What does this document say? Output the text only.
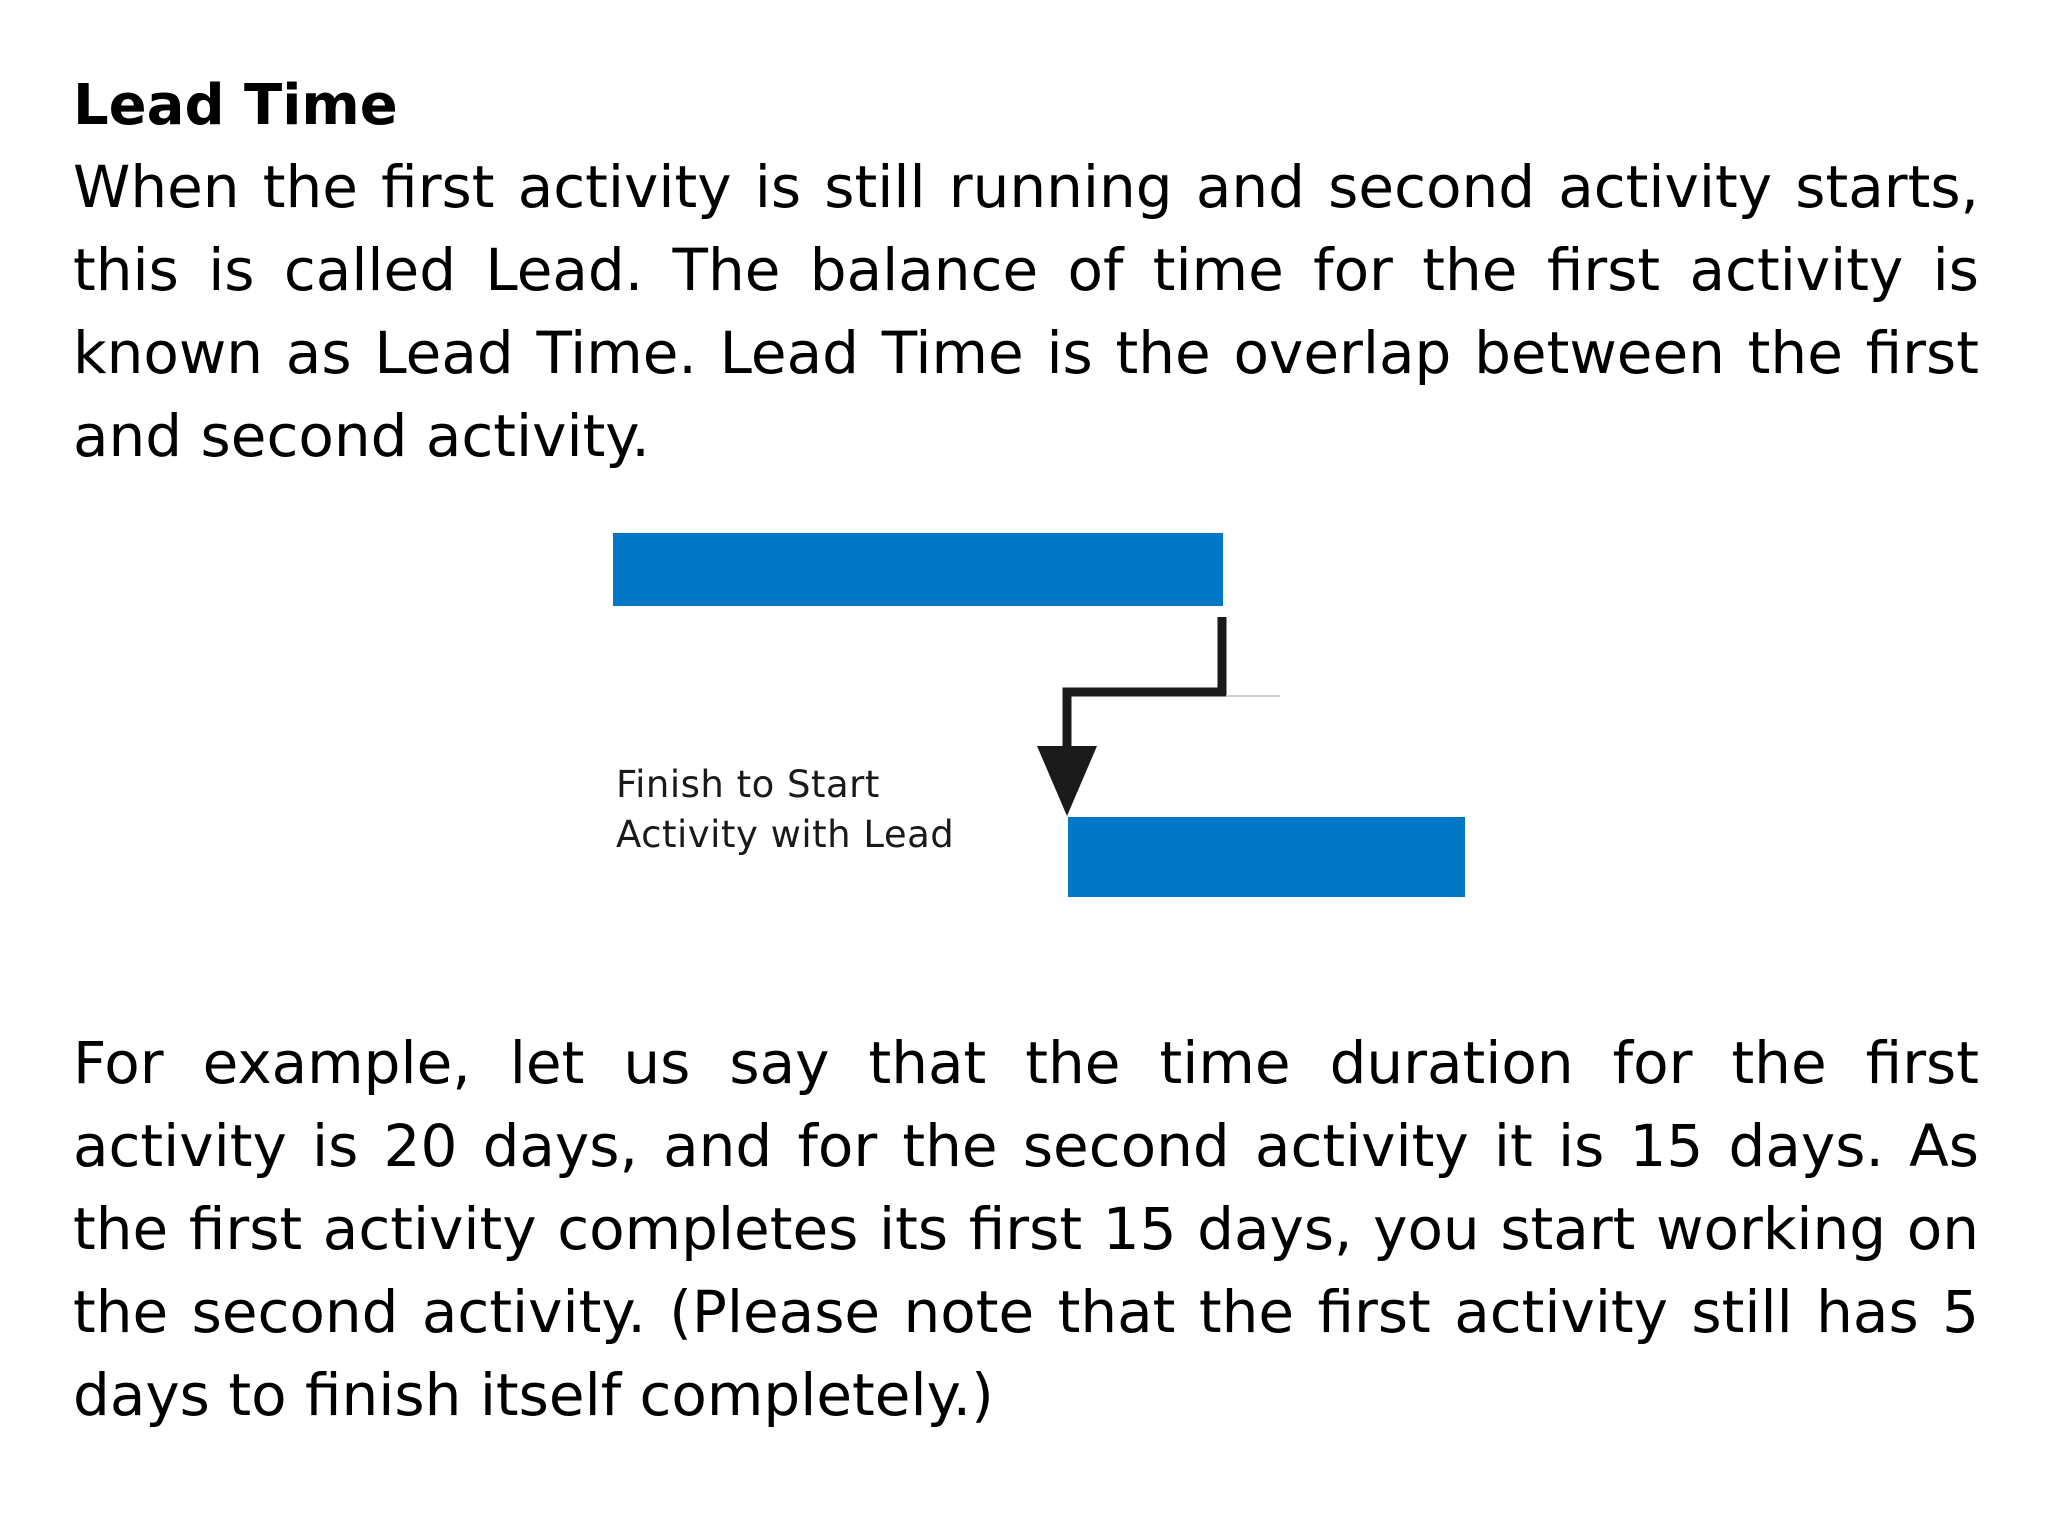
Lead Time

When the first activity is still running and second activity starts, this is called Lead. The balance of time for the first activity is known as Lead Time. Lead Time is the overlap between the first and second activity.

Finish to Start
Activity with Lead

For example, let us say that the time duration for the first activity is 20 days, and for the second activity it is 15 days. As the first activity completes its first 15 days, you start working on the second activity. (Please note that the first activity still has 5 days to finish itself completely.)
